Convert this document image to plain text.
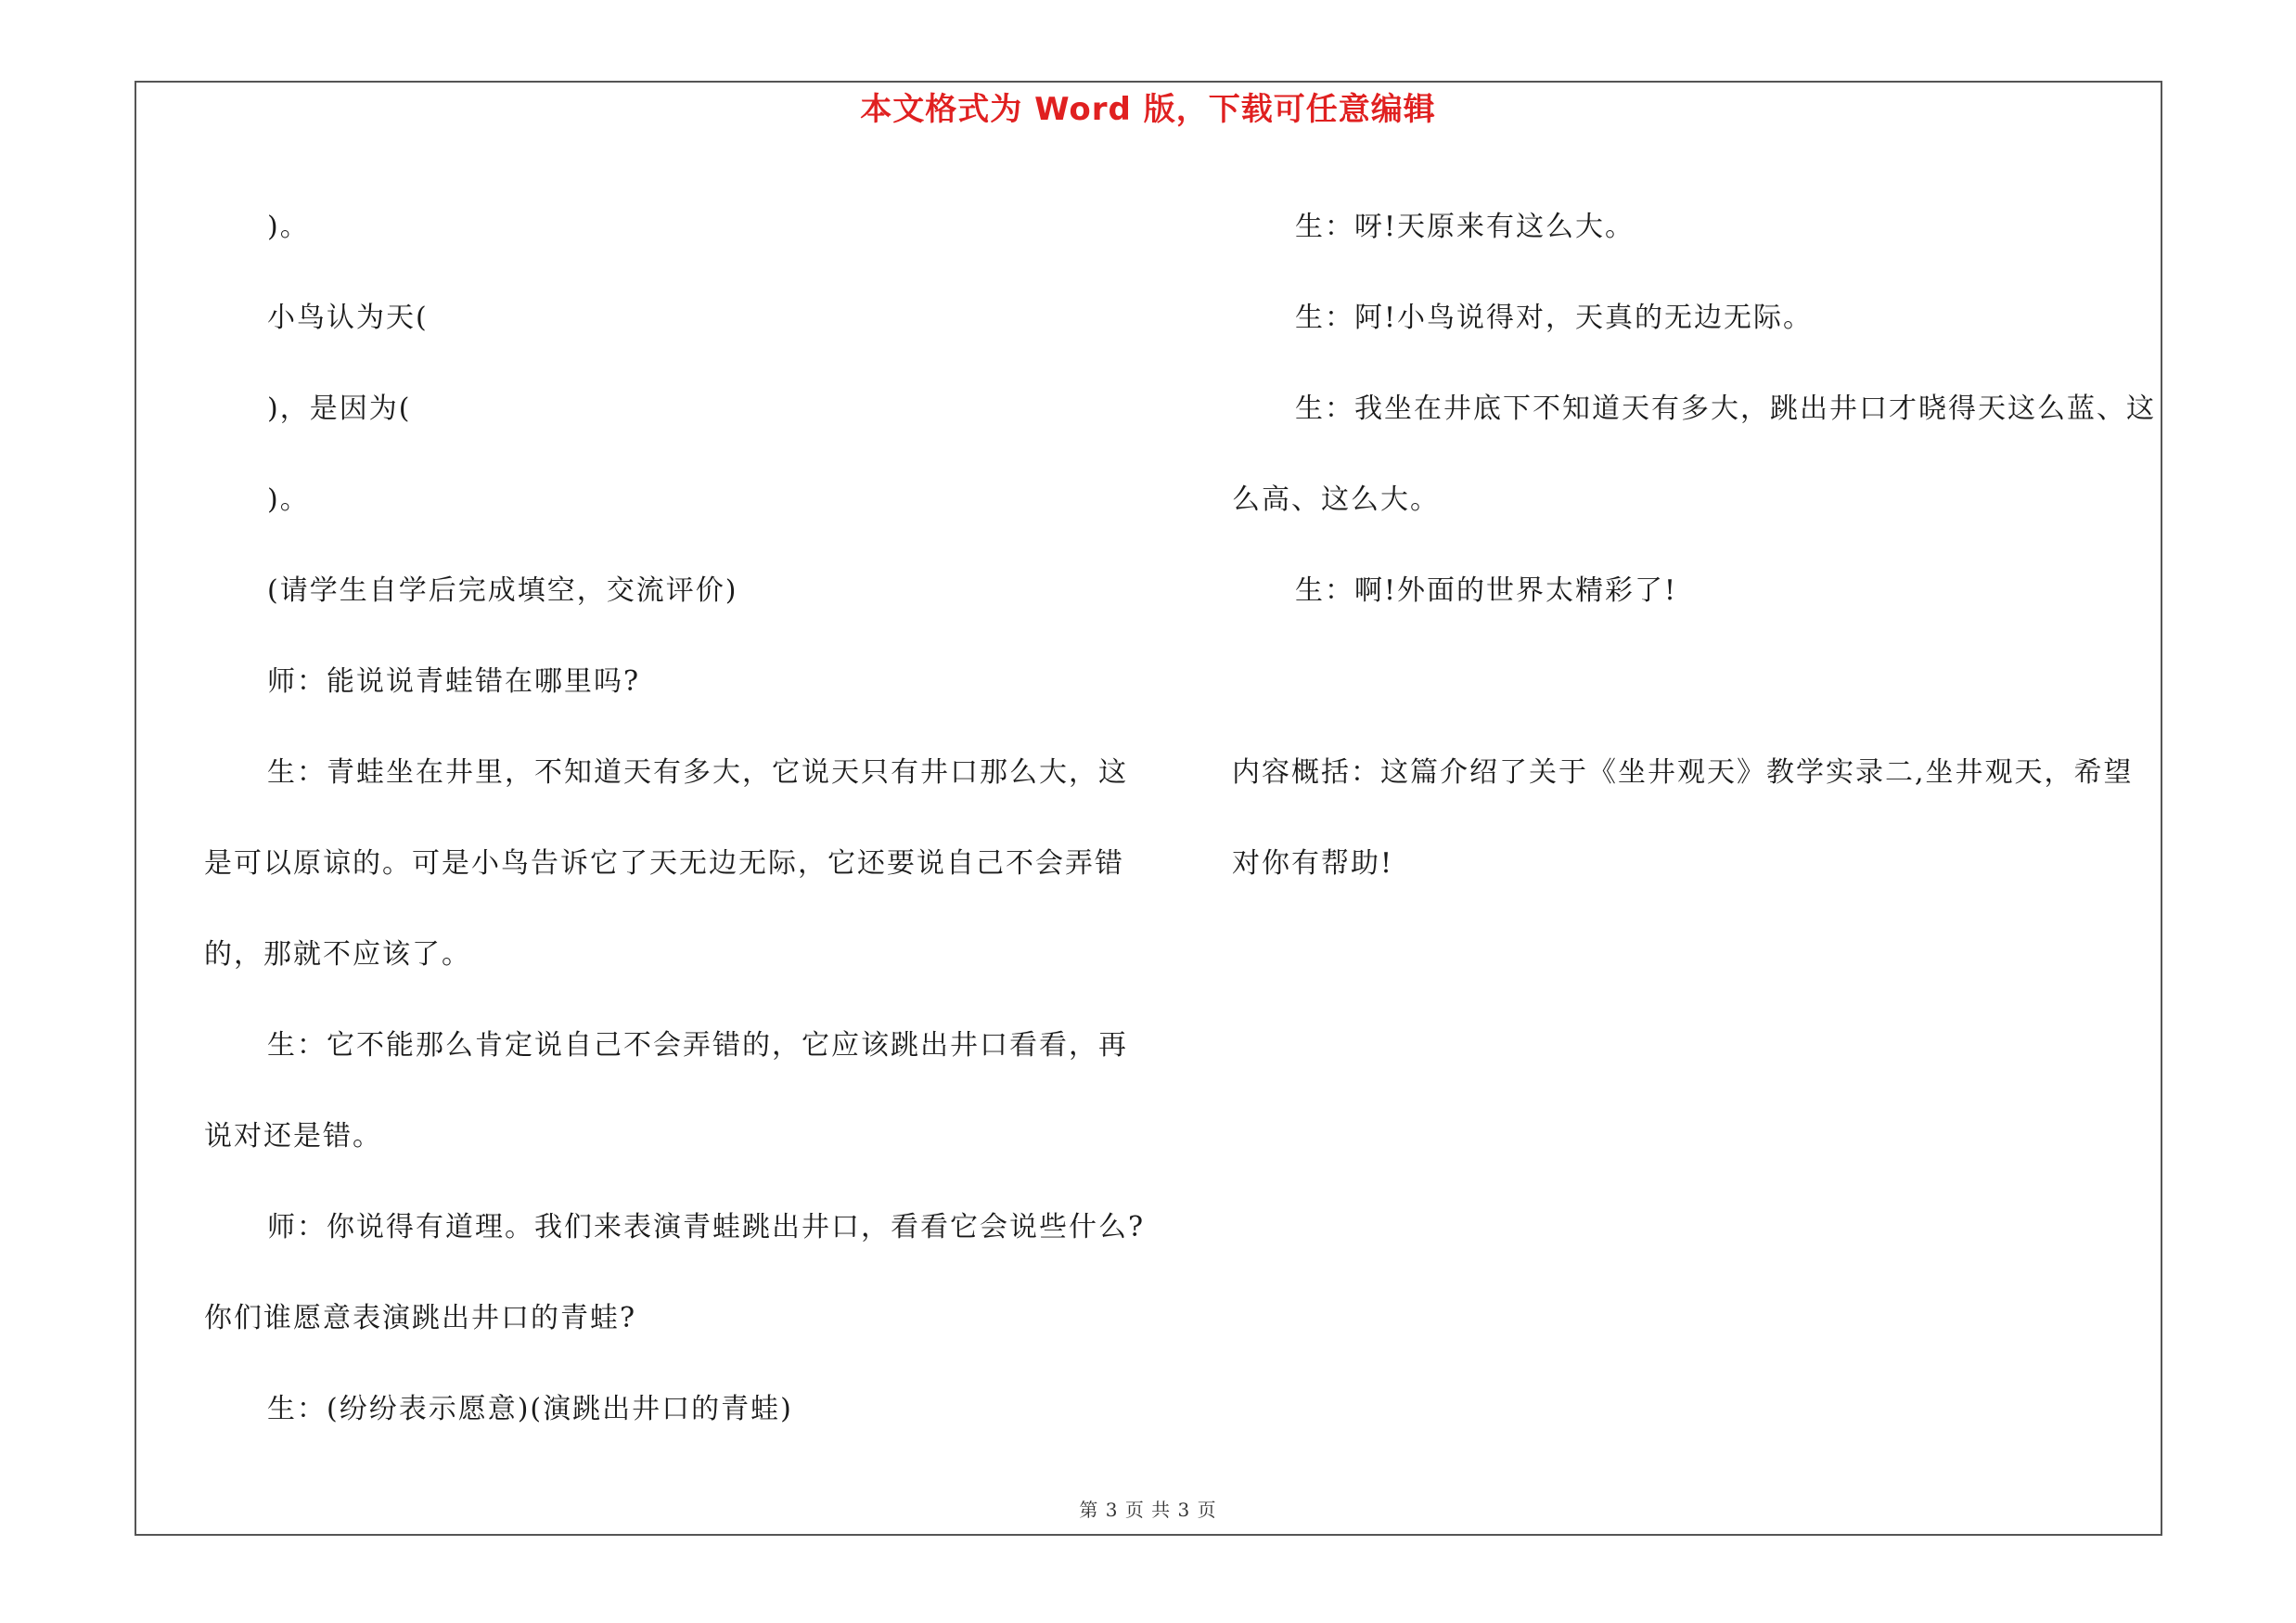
本文格式为 Word 版，下载可任意编辑

)。

小鸟认为天(

)，是因为(

)。

(请学生自学后完成填空，交流评价)

师：能说说青蛙错在哪里吗?

生：青蛙坐在井里，不知道天有多大，它说天只有井口那么大，这是可以原谅的。可是小鸟告诉它了天无边无际，它还要说自己不会弄错的，那就不应该了。

生：它不能那么肯定说自己不会弄错的，它应该跳出井口看看，再说对还是错。

师：你说得有道理。我们来表演青蛙跳出井口，看看它会说些什么?你们谁愿意表演跳出井口的青蛙?

生：(纷纷表示愿意)(演跳出井口的青蛙)

生：呀!天原来有这么大。

生：阿!小鸟说得对，天真的无边无际。

生：我坐在井底下不知道天有多大，跳出井口才晓得天这么蓝、这么高、这么大。

生：啊!外面的世界太精彩了!

内容概括：这篇介绍了关于《坐井观天》教学实录二,坐井观天，希望对你有帮助!

第 3 页 共 3 页
